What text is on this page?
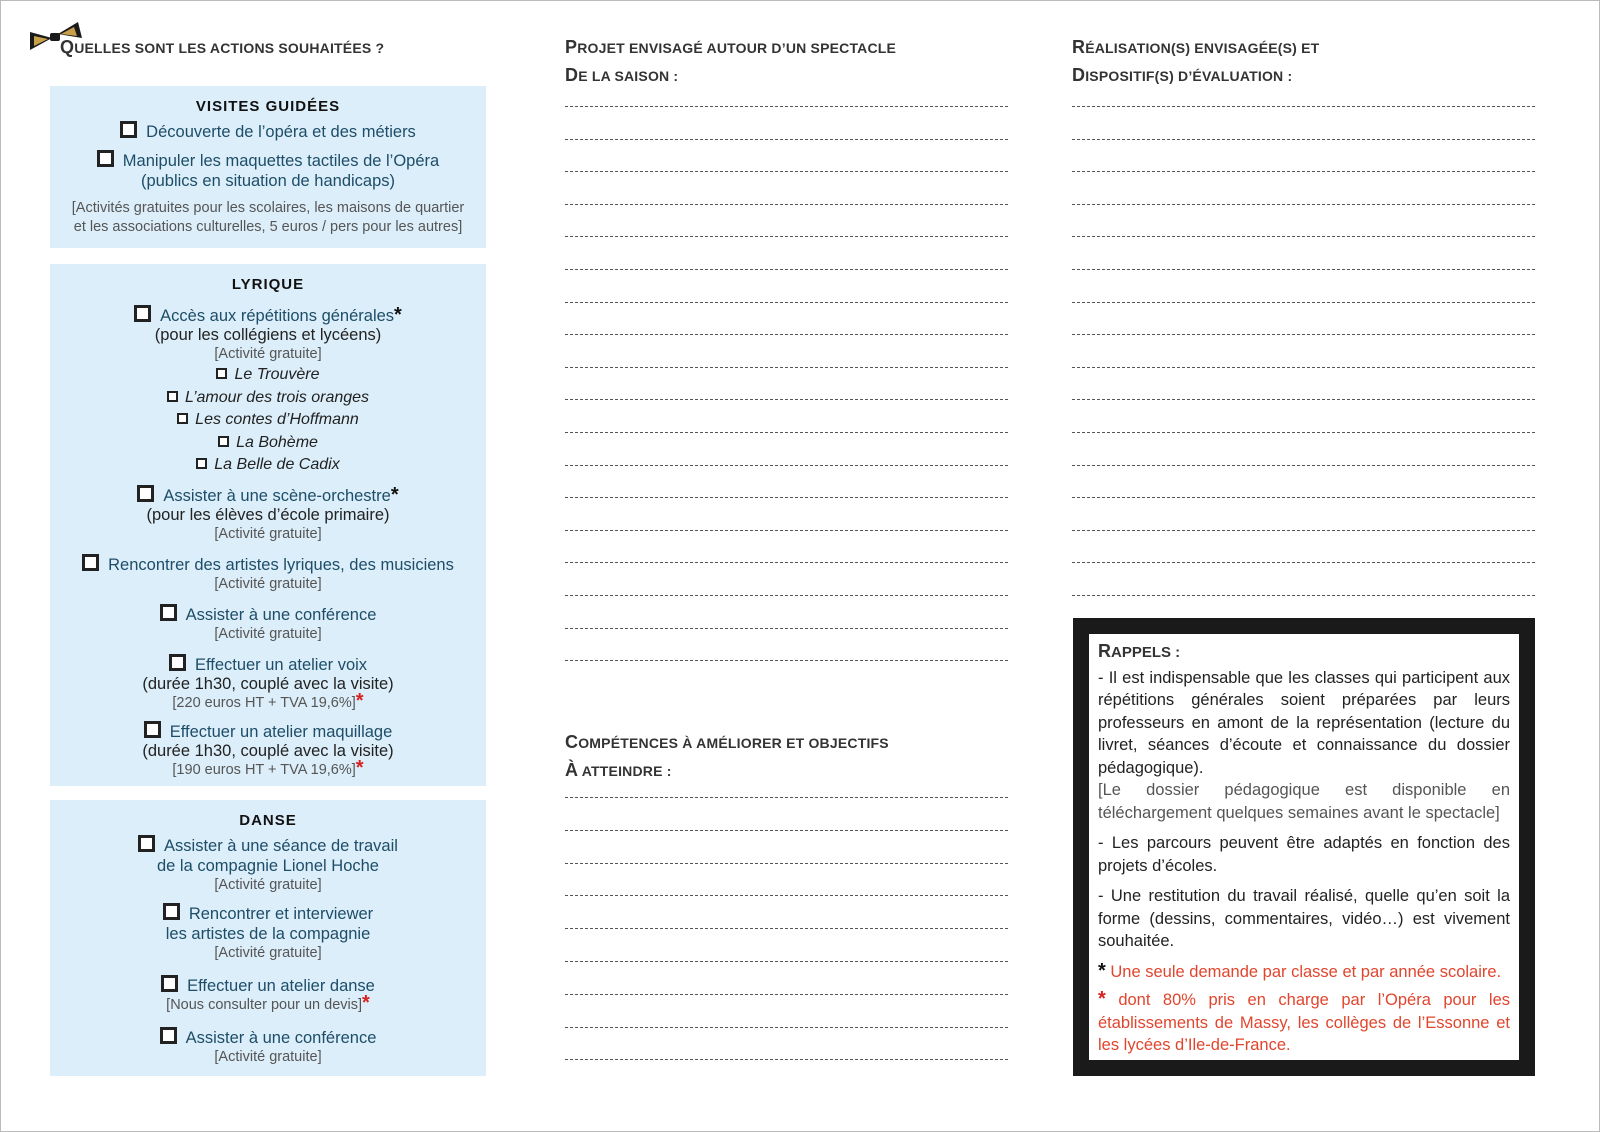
QUELLES SONT LES ACTIONS SOUHAITÉES ?
VISITES GUIDÉES
Découverte de l’opéra et des métiers
Manipuler les maquettes tactiles de l’Opéra
(publics en situation de handicaps)
[Activités gratuites pour les scolaires, les maisons de quartier
et les associations culturelles, 5 euros / pers pour les autres]
LYRIQUE
Accès aux répétitions générales*
(pour les collégiens et lycéens)
[Activité gratuite]
Le Trouvère
L’amour des trois oranges
Les contes d’Hoffmann
La Bohème
La Belle de Cadix
Assister à une scène-orchestre*
(pour les élèves d’école primaire)
[Activité gratuite]
Rencontrer des artistes lyriques, des musiciens
[Activité gratuite]
Assister à une conférence
[Activité gratuite]
Effectuer un atelier voix
(durée 1h30, couplé avec la visite)
[220 euros HT + TVA 19,6%]*
Effectuer un atelier maquillage
(durée 1h30, couplé avec la visite)
[190 euros HT + TVA 19,6%]*
DANSE
Assister à une séance de travail
de la compagnie Lionel Hoche
[Activité gratuite]
Rencontrer et interviewer
les artistes de la compagnie
[Activité gratuite]
Effectuer un atelier danse
[Nous consulter pour un devis]*
Assister à une conférence
[Activité gratuite]
PROJET ENVISAGÉ AUTOUR D’UN SPECTACLE
DE LA SAISON :
COMPÉTENCES À AMÉLIORER ET OBJECTIFS
À ATTEINDRE :
RÉALISATION(S) ENVISAGÉE(S) ET
DISPOSITIF(S) D’ÉVALUATION :
RAPPELS :

- Il est indispensable que les classes qui participent aux répétitions générales soient préparées par leurs professeurs en amont de la représentation (lecture du livret, séances d’écoute et connaissance du dossier pédagogique).

[Le dossier pédagogique est disponible en téléchargement quelques semaines avant le spectacle]

- Les parcours peuvent être adaptés en fonction des projets d’écoles.

- Une restitution du travail réalisé, quelle qu’en soit la forme (dessins, commentaires, vidéo…) est vivement souhaitée.

* Une seule demande par classe et par année scolaire.

* dont 80% pris en charge par l’Opéra pour les établissements de Massy, les collèges de l’Essonne et les lycées d’Ile-de-France.
